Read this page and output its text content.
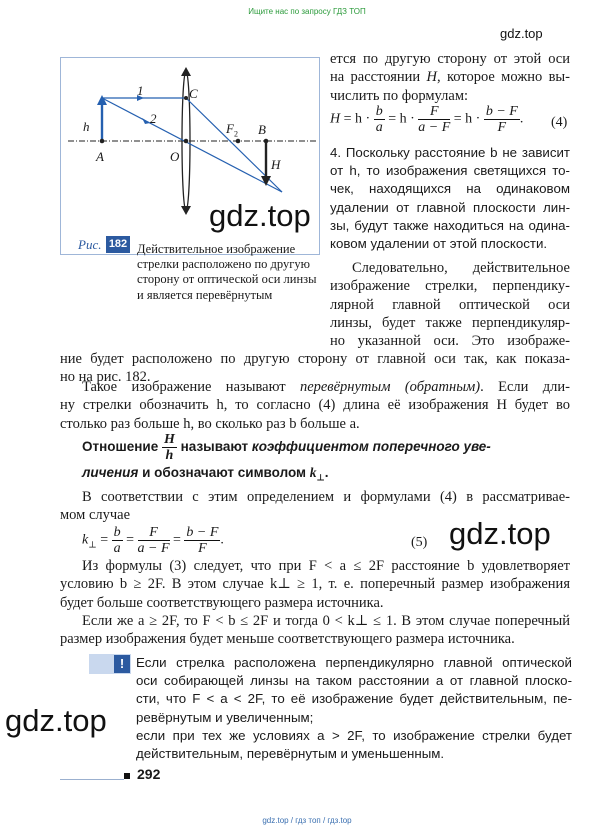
Ищите нас по запросу ГДЗ ТОП
gdz.top
1
2
C
$F_2$ B
h
A	O
H
gdz.top
Рис. 182 Действительное изображение стрелки расположено по другую сторону от оптической оси линзы и является перевёрнутым
ется по другую сторону от этой оси
на расстоянии H, которое можно вы-
числить по формулам:
$H = h \cdot \frac{b}{a} = h \cdot \frac{F}{a - F} = h \cdot \frac{b - F}{F}$ . (4)
4. Поскольку расстояние b не зависит
от h, то изображения светящихся то-
чек, находящихся на одинаковом
удалении от главной плоскости лин-
зы, будут также находиться на одина-
ковом удалении от этой плоскости.
Следовательно, действительное
изображение стрелки, перпендику-
лярной главной оптической оси
линзы, будет также перпендикуляр-
но указанной оси. Это изображе-
ние будет расположено по другую сторону от главной оси так, как показа-
но на рис. 182.
Такое изображение называют перевёрнутым (обратным). Если дли-
ну стрелки обозначить h, то согласно (4) длина её изображения H будет во
столько раз больше h, во сколько раз b больше a.
Отношение $\frac{H}{h}$ называют коэффициентом поперечного уве-
личения и обозначают символом $k_\perp$.
В соответствии с этим определением и формулами (4) в рассматривае-
мом случае
$k_\perp = \frac{b}{a} = \frac{F}{a - F} = \frac{b - F}{F}$ .	(5) gdz.top
Из формулы (3) следует, что при F < a ≤ 2F расстояние b удовлетворяет
условию b ≥ 2F. В этом случае k⊥ ≥ 1, т. е. поперечный размер изображения
будет больше соответствующего размера источника.
Если же a ≥ 2F, то F < b ≤ 2F и тогда 0 < k⊥ ≤ 1. В этом случае поперечный
размер изображения будет меньше соответствующего размера источника.
! Если стрелка расположена перпендикулярно главной оптической
оси собирающей линзы на таком расстоянии a от главной плоско-
сти, что F < a < 2F, то её изображение будет действительным, пе-
ревёрнутым и увеличенным;
если при тех же условиях a > 2F, то изображение стрелки будет
действительным, перевёрнутым и уменьшенным.
gdz.top
292
gdz.top / гдз топ / гдз.top
